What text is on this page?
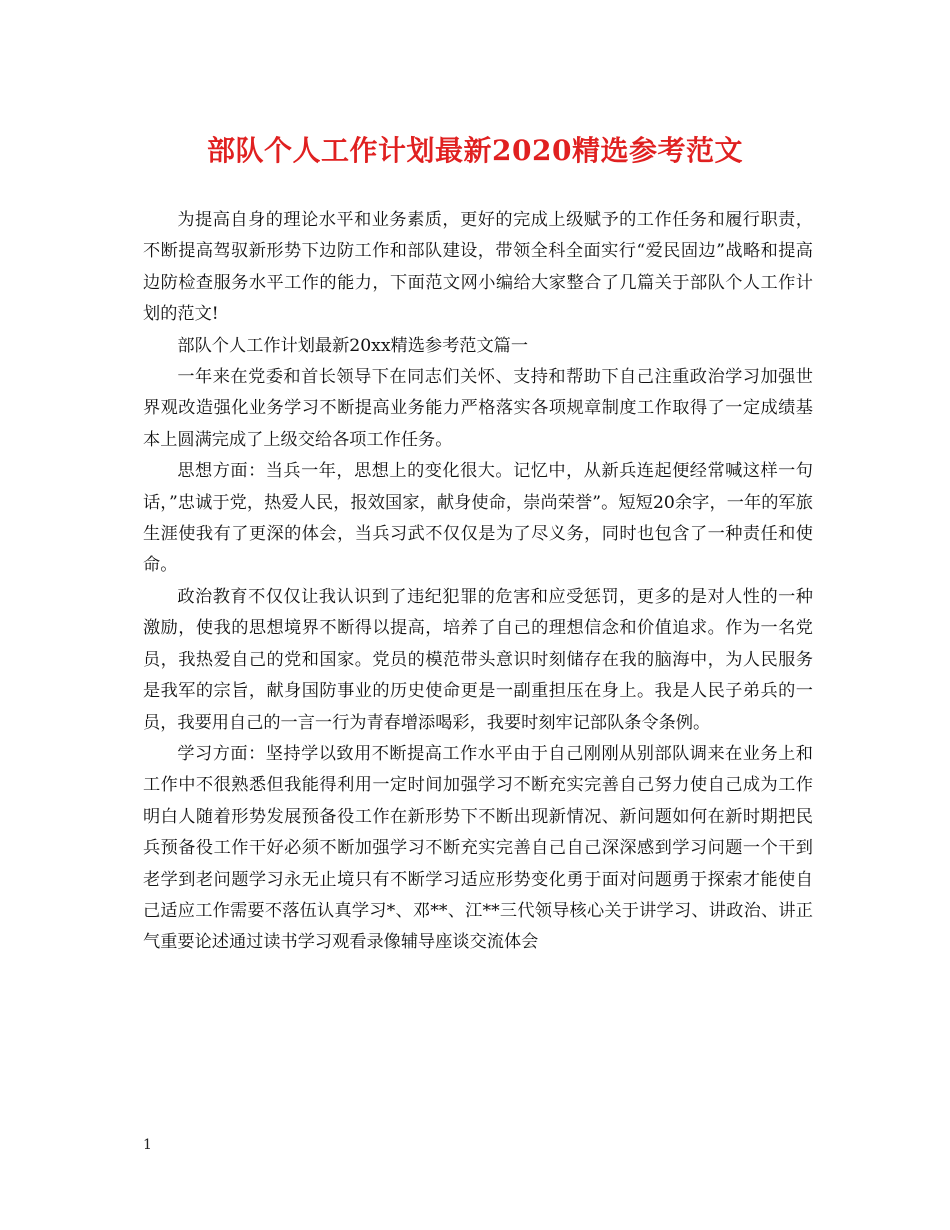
部队个人工作计划最新2020精选参考范文

为提高自身的理论水平和业务素质，更好的完成上级赋予的工作任务和履行职责，不断提高驾驭新形势下边防工作和部队建设，带领全科全面实行“爱民固边”战略和提高边防检查服务水平工作的能力，下面范文网小编给大家整合了几篇关于部队个人工作计划的范文!

部队个人工作计划最新20xx精选参考范文篇一

一年来在党委和首长领导下在同志们关怀、支持和帮助下自己注重政治学习加强世界观改造强化业务学习不断提高业务能力严格落实各项规章制度工作取得了一定成绩基本上圆满完成了上级交给各项工作任务。

思想方面：当兵一年，思想上的变化很大。记忆中，从新兵连起便经常喊这样一句话，”忠诚于党，热爱人民，报效国家，献身使命，崇尚荣誉”。短短20余字，一年的军旅生涯使我有了更深的体会，当兵习武不仅仅是为了尽义务，同时也包含了一种责任和使命。

政治教育不仅仅让我认识到了违纪犯罪的危害和应受惩罚，更多的是对人性的一种激励，使我的思想境界不断得以提高，培养了自己的理想信念和价值追求。作为一名党员，我热爱自己的党和国家。党员的模范带头意识时刻储存在我的脑海中，为人民服务是我军的宗旨，献身国防事业的历史使命更是一副重担压在身上。我是人民子弟兵的一员，我要用自己的一言一行为青春增添喝彩，我要时刻牢记部队条令条例。

学习方面：坚持学以致用不断提高工作水平由于自己刚刚从别部队调来在业务上和工作中不很熟悉但我能得利用一定时间加强学习不断充实完善自己努力使自己成为工作明白人随着形势发展预备役工作在新形势下不断出现新情况、新问题如何在新时期把民兵预备役工作干好必须不断加强学习不断充实完善自己自己深深感到学习问题一个干到老学到老问题学习永无止境只有不断学习适应形势变化勇于面对问题勇于探索才能使自己适应工作需要不落伍认真学习*、邓**、江**三代领导核心关于讲学习、讲政治、讲正气重要论述通过读书学习观看录像辅导座谈交流体会

1
